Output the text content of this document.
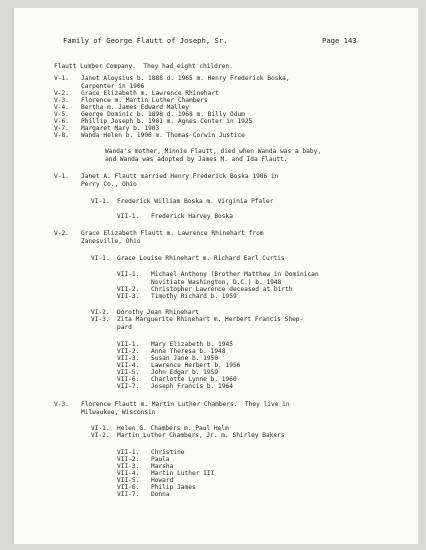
Family of George Flautt of Joseph, Sr.	Page 143
Flautt Lumber Company.  They had eight children.
V-1. Janet Aloysius b. 1888 d. 1965 m. Henry Frederick Boska,
Carpenter in 1906
V-2. Grace Elizabeth m. Lawrence Rhinehart
V-3. Florence m. Martin Luther Chambers
V-4. Bertha m. James Edward Malley
V-5. George Dominic b. 1898 d. 1968 m. Billy Odum
V-6. Phillip Joseph b. 1901 m. Agnes Center in 1925
V-7. Margaret Mary b. 1903
V-8. Wanda Helen b. 1906 m. Thomas Corwin Justice
Wanda's mother, Minnie Flautt, died when Wanda was a baby,
and Wanda was adopted by James M. and Ida Flautt.
V-1. Janet A. Flautt married Henry Frederick Boska 1906 in
Perry Co., Ohio
VI-1. Frederick William Boska m. Virginia Pfaler
VII-1. Frederick Harvey Boska
V-2. Grace Elizabeth Flautt m. Lawrence Rhinehart from
Zanesville, Ohio
VI-1. Grace Louise Rhinehart m. Richard Earl Curtis
VII-1. Michael Anthony (Brother Matthew in Dominican
Novitiate Washington, D.C.) b. 1948
VII-2. Christopher Lawrence deceased at birth
VII-3. Timothy Richard b. 1959
VI-2. Dorothy Jean Rhinehart
VI-3. Zita Marguerite Rhinehart m. Herbert Francis Shep-
pard
VII-1. Mary Elizabeth b. 1945
VII-2. Anna Theresa b. 1948
VII-3. Susan Jane b. 1950
VII-4. Lawrence Herbert b. 1956
VII-5. John Edgar b. 1959
VII-6. Charlotte Lynne b. 1960
VII-7. Joseph Francis b. 1964
V-3. Florence Flautt m. Martin Luther Chambers.  They live in
Milwaukee, Wisconsin
VI-1. Helen G. Chambers m. Paul Helm
VI-2. Martin Luther Chambers, Jr. m. Shirley Bakers
VII-1. Christine
VII-2. Paula
VII-3. Marsha
VII-4. Martin Luther III
VII-5. Howard
VII-6. Philip James
VII-7. Donna
